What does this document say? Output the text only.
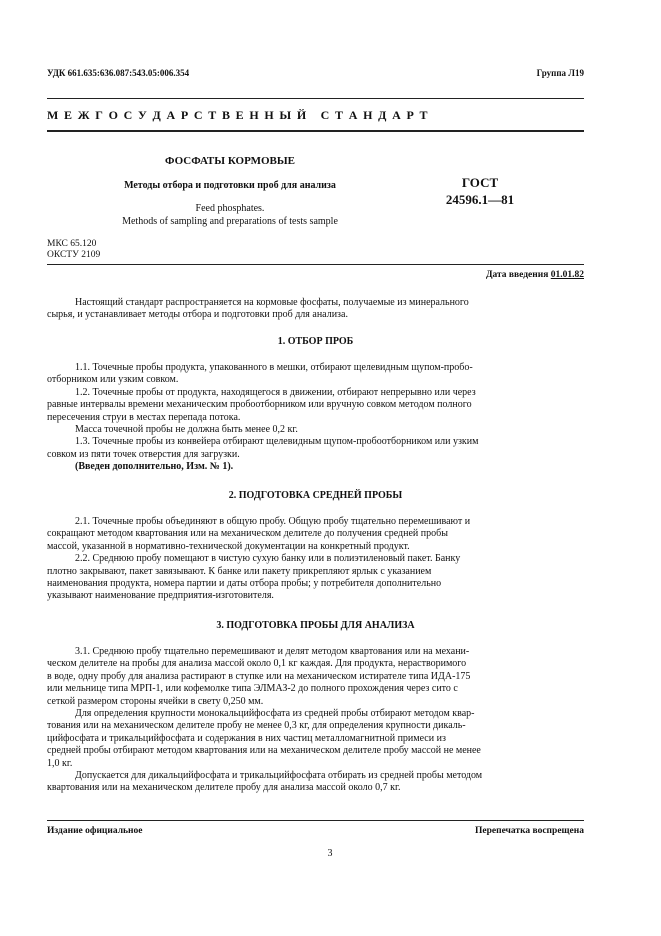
УДК 661.635:636.087:543.05:006.354	Группа Л19
М Е Ж Г О С У Д А Р С Т В Е Н Н Ы Й   С Т А Н Д А Р Т
ФОСФАТЫ КОРМОВЫЕ
Методы отбора и подготовки проб для анализа
Feed phosphates.
Methods of sampling and preparations of tests sample
ГОСТ
24596.1—81
МКС 65.120
ОКСТУ 2109
Дата введения 01.01.82

Настоящий стандарт распространяется на кормовые фосфаты, получаемые из минерального

сырья, и устанавливает методы отбора и подготовки проб для анализа.

1. ОТБОР ПРОБ

1.1. Точечные пробы продукта, упакованного в мешки, отбирают щелевидным щупом-пробо-

отборником или узким совком.

1.2. Точечные пробы от продукта, находящегося в движении, отбирают непрерывно или через

равные интервалы времени механическим пробоотборником или вручную совком методом полного

пересечения струи в местах перепада потока.

Масса точечной пробы не должна быть менее 0,2 кг.

1.3. Точечные пробы из конвейера отбирают щелевидным щупом-пробоотборником или узким

совком из пяти точек отверстия для загрузки.

(Введен дополнительно, Изм. № 1).

2. ПОДГОТОВКА СРЕДНЕЙ ПРОБЫ

2.1. Точечные пробы объединяют в общую пробу. Общую пробу тщательно перемешивают и

сокращают методом квартования или на механическом делителе до получения средней пробы

массой, указанной в нормативно-технической документации на конкретный продукт.

2.2. Среднюю пробу помещают в чистую сухую банку или в полиэтиленовый пакет. Банку

плотно закрывают, пакет завязывают. К банке или пакету прикрепляют ярлык с указанием

наименования продукта, номера партии и даты отбора пробы; у потребителя дополнительно

указывают наименование предприятия-изготовителя.

3. ПОДГОТОВКА ПРОБЫ ДЛЯ АНАЛИЗА

3.1. Среднюю пробу тщательно перемешивают и делят методом квартования или на механи-

ческом делителе на пробы для анализа массой около 0,1 кг каждая. Для продукта, нерастворимого

в воде, одну пробу для анализа растирают в ступке или на механическом истирателе типа ИДА-175

или мельнице типа МРП-1, или кофемолке типа ЭЛМАЗ-2 до полного прохождения через сито с

сеткой размером стороны ячейки в свету 0,250 мм.

Для определения крупности монокальцийфосфата из средней пробы отбирают методом квар-

тования или на механическом делителе пробу не менее 0,3 кг, для определения крупности дикаль-

цийфосфата и трикальцийфосфата и содержания в них частиц металломагнитной примеси из

средней пробы отбирают методом квартования или на механическом делителе пробу массой не менее

1,0 кг.

Допускается для дикальцийфосфата и трикальцийфосфата отбирать из средней пробы методом

квартования или на механическом делителе пробу для анализа массой около 0,7 кг.

Издание официальное	Перепечатка воспрещена
3
